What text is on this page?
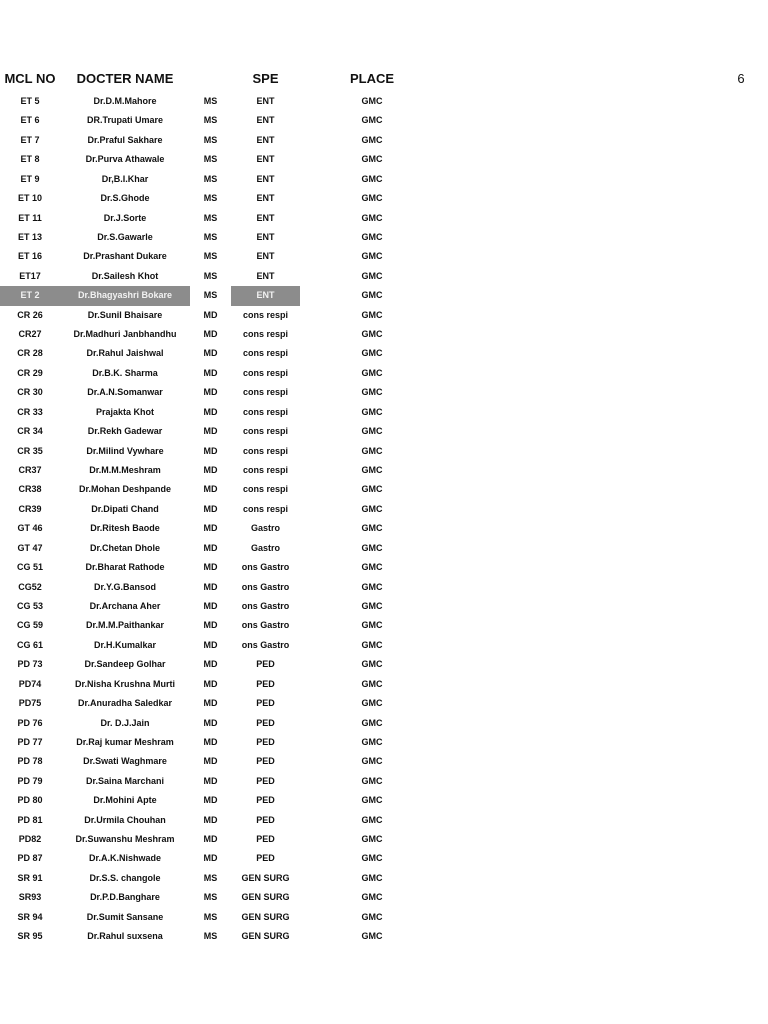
MCL NO	DOCTER NAME	SPE	PLACE	6
ET 5	Dr.D.M.Mahore	MS	ENT	GMC
ET 6	DR.Trupati Umare	MS	ENT	GMC
ET 7	Dr.Praful Sakhare	MS	ENT	GMC
ET 8	Dr.Purva Athawale	MS	ENT	GMC
ET 9	Dr,B.I.Khar	MS	ENT	GMC
ET 10	Dr.S.Ghode	MS	ENT	GMC
ET 11	Dr.J.Sorte	MS	ENT	GMC
ET 13	Dr.S.Gawarle	MS	ENT	GMC
ET 16	Dr.Prashant Dukare	MS	ENT	GMC
ET17	Dr.Sailesh Khot	MS	ENT	GMC
ET 2	Dr.Bhagyashri Bokare	MS	ENT	GMC
CR 26	Dr.Sunil Bhaisare	MD	cons respi	GMC
CR27	Dr.Madhuri Janbhandhu	MD	cons respi	GMC
CR 28	Dr.Rahul Jaishwal	MD	cons respi	GMC
CR 29	Dr.B.K. Sharma	MD	cons respi	GMC
CR 30	Dr.A.N.Somanwar	MD	cons respi	GMC
CR 33	Prajakta Khot	MD	cons respi	GMC
CR 34	Dr.Rekh Gadewar	MD	cons respi	GMC
CR 35	Dr.Milind Vywhare	MD	cons respi	GMC
CR37	Dr.M.M.Meshram	MD	cons respi	GMC
CR38	Dr.Mohan Deshpande	MD	cons respi	GMC
CR39	Dr.Dipati Chand	MD	cons respi	GMC
GT 46	Dr.Ritesh Baode	MD	Gastro	GMC
GT 47	Dr.Chetan Dhole	MD	Gastro	GMC
CG 51	Dr.Bharat Rathode	MD	ons Gastro	GMC
CG52	Dr.Y.G.Bansod	MD	ons Gastro	GMC
CG 53	Dr.Archana Aher	MD	ons Gastro	GMC
CG 59	Dr.M.M.Paithankar	MD	ons Gastro	GMC
CG 61	Dr.H.Kumalkar	MD	ons Gastro	GMC
PD 73	Dr.Sandeep Golhar	MD	PED	GMC
PD74	Dr.Nisha Krushna Murti	MD	PED	GMC
PD75	Dr.Anuradha Saledkar	MD	PED	GMC
PD 76	Dr. D.J.Jain	MD	PED	GMC
PD 77	Dr.Raj kumar Meshram	MD	PED	GMC
PD 78	Dr.Swati Waghmare	MD	PED	GMC
PD 79	Dr.Saina Marchani	MD	PED	GMC
PD 80	Dr.Mohini Apte	MD	PED	GMC
PD 81	Dr.Urmila Chouhan	MD	PED	GMC
PD82	Dr.Suwanshu Meshram	MD	PED	GMC
PD 87	Dr.A.K.Nishwade	MD	PED	GMC
SR 91	Dr.S.S. changole	MS	GEN SURG	GMC
SR93	Dr.P.D.Banghare	MS	GEN SURG	GMC
SR 94	Dr.Sumit Sansane	MS	GEN SURG	GMC
SR 95	Dr.Rahul suxsena	MS	GEN SURG	GMC
